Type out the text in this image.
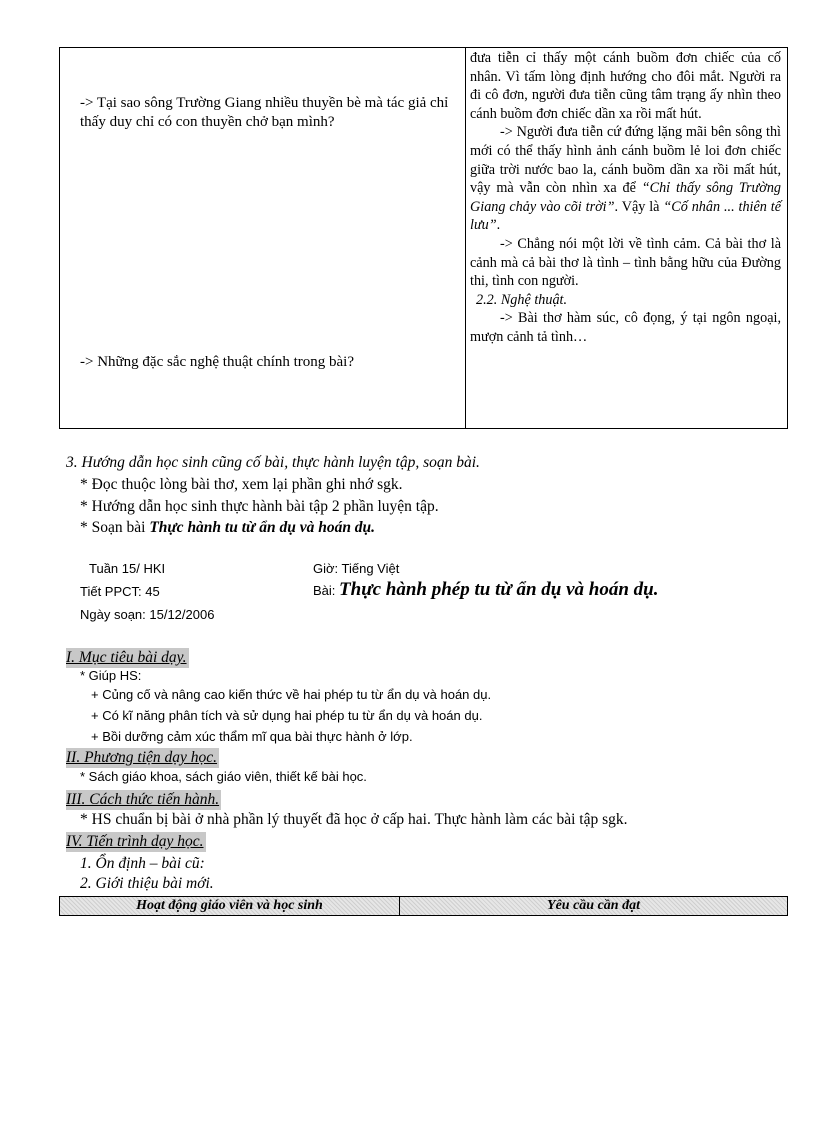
-> Tại sao sông Trường Giang nhiều thuyền bè mà tác giả chỉ thấy duy chỉ có con thuyền chở bạn mình?
-> Những đặc sắc nghệ thuật chính trong bài?

đưa tiễn cỉ thấy một cánh buồm đơn chiếc của cố nhân. Vì tấm lòng định hướng cho đôi mắt. Người ra đi cô đơn, người đưa tiễn cũng tâm trạng ấy nhìn theo cánh buồm đơn chiếc dần xa rồi mất hút.

-> Người đưa tiễn cứ đứng lặng mãi bên sông thì mới có thể thấy hình ảnh cánh buồm lẻ loi đơn chiếc giữa trời nước bao la, cánh buồm dần xa rồi mất hút, vậy mà vẫn còn nhìn xa để “Chỉ thấy sông Trường Giang chảy vào cõi trời”. Vậy là “Cố nhân ... thiên tế lưu”.

-> Chẳng nói một lời về tình cảm. Cả bài thơ là cảnh mà cả bài thơ là tình – tình bằng hữu của Đường thi, tình con người.

2.2. Nghệ thuật.

-> Bài thơ hàm súc, cô đọng, ý tại ngôn ngoại, mượn cảnh tả tình…

3. Hướng dẫn học sinh cũng cố bài, thực hành luyện tập, soạn bài.
* Đọc thuộc lòng bài thơ, xem lại phần ghi nhớ sgk.
* Hướng dẫn học sinh thực hành bài tập 2 phần luyện tập.
* Soạn bài Thực hành tu từ ẩn dụ và hoán dụ.
Tuần 15/ HKI
Tiết PPCT: 45
Ngày soạn: 15/12/2006
Giờ: Tiếng Việt
Bài: Thực hành phép tu từ ẩn dụ và hoán dụ.
I. Mục tiêu bài dạy.
* Giúp HS:
+ Củng cố và nâng cao kiến thức về hai phép tu từ ẩn dụ và hoán dụ.
+ Có kĩ năng phân tích và sử dụng hai phép tu từ ẩn dụ và hoán dụ.
+ Bồi dưỡng cảm xúc thẩm mĩ qua bài thực hành ở lớp.
II. Phương tiện dạy học.
* Sách giáo khoa, sách giáo viên, thiết kế bài học.
III. Cách thức tiến hành.
* HS chuẩn bị bài ở nhà phần lý thuyết đã học ở cấp hai. Thực hành làm các bài tập sgk.
IV. Tiến trình dạy học.
1. Ổn định – bài cũ:
2. Giới thiệu bài mới.
Hoạt động giáo viên và học sinh	Yêu cầu cần đạt
